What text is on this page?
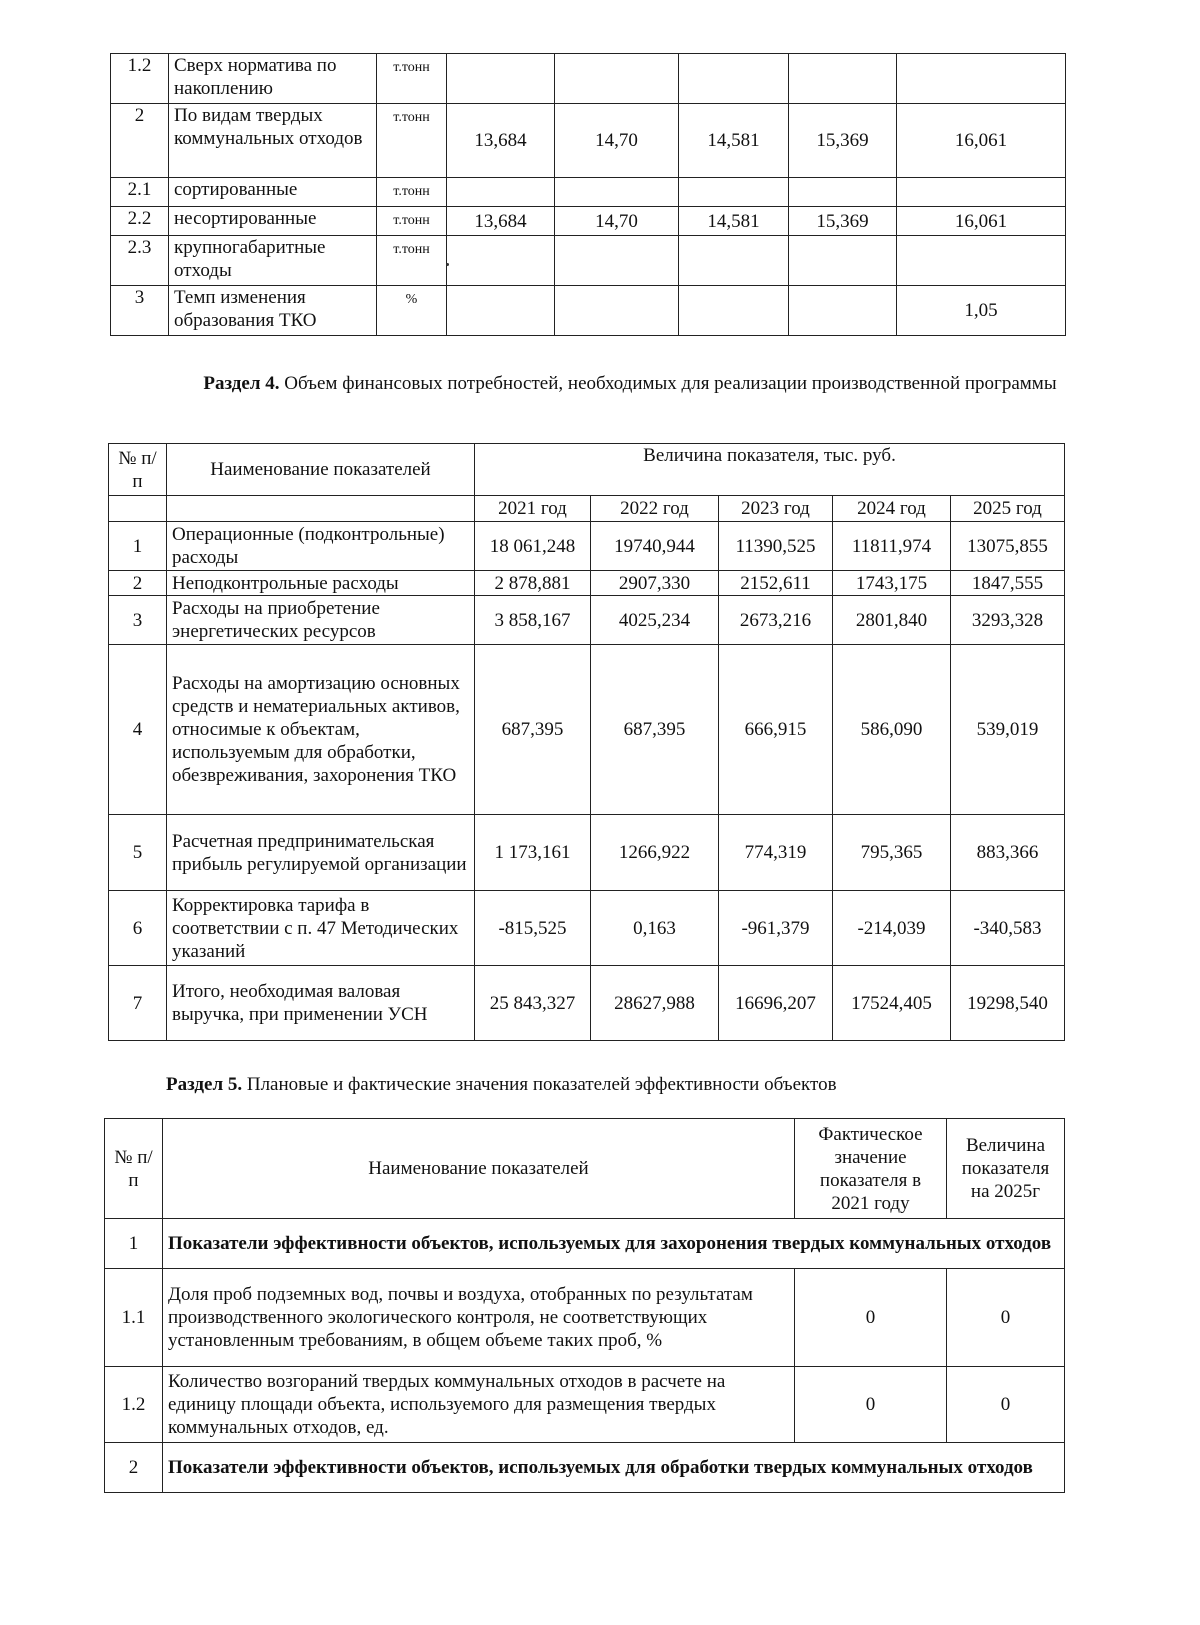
1.2	Сверх норматива по накоплению	т.тонн					
2	По видам твердых коммунальных отходов	т.тонн	13,684	14,70	14,581	15,369	16,061
2.1	сортированные	т.тонн					
2.2	несортированные	т.тонн	13,684	14,70	14,581	15,369	16,061
2.3	крупногабаритные отходы	т.тонн					
3	Темп изменения образования ТКО	%					1,05
Раздел 4. Объем финансовых потребностей, необходимых для реализации производственной программы
№ п/п	Наименование показателей	Величина показателя, тыс. руб.				
		2021 год	2022 год	2023 год	2024 год	2025 год
1	Операционные (подконтрольные) расходы	18 061,248	19740,944	11390,525	11811,974	13075,855
2	Неподконтрольные расходы	2 878,881	2907,330	2152,611	1743,175	1847,555
3	Расходы на приобретение энергетических ресурсов	3 858,167	4025,234	2673,216	2801,840	3293,328
4	Расходы на амортизацию основных средств и нематериальных активов, относимые к объектам, используемым для обработки, обезвреживания, захоронения ТКО	687,395	687,395	666,915	586,090	539,019
5	Расчетная предпринимательская прибыль регулируемой организации	1 173,161	1266,922	774,319	795,365	883,366
6	Корректировка тарифа в соответствии с п. 47 Методических указаний	-815,525	0,163	-961,379	-214,039	-340,583
7	Итого, необходимая валовая выручка, при применении УСН	25 843,327	28627,988	16696,207	17524,405	19298,540
Раздел 5. Плановые и фактические значения показателей эффективности объектов
№ п/п	Наименование показателей	Фактическое значение показателя в 2021 году	Величина показателя на 2025г
1	Показатели эффективности объектов, используемых для захоронения твердых коммунальных отходов		
1.1	Доля проб подземных вод, почвы и воздуха, отобранных по результатам производственного экологического контроля, не соответствующих установленным требованиям, в общем объеме таких проб, %	0	0
1.2	Количество возгораний твердых коммунальных отходов в расчете на единицу площади объекта, используемого для размещения твердых коммунальных отходов, ед.	0	0
2	Показатели эффективности объектов, используемых для обработки твердых коммунальных отходов		
